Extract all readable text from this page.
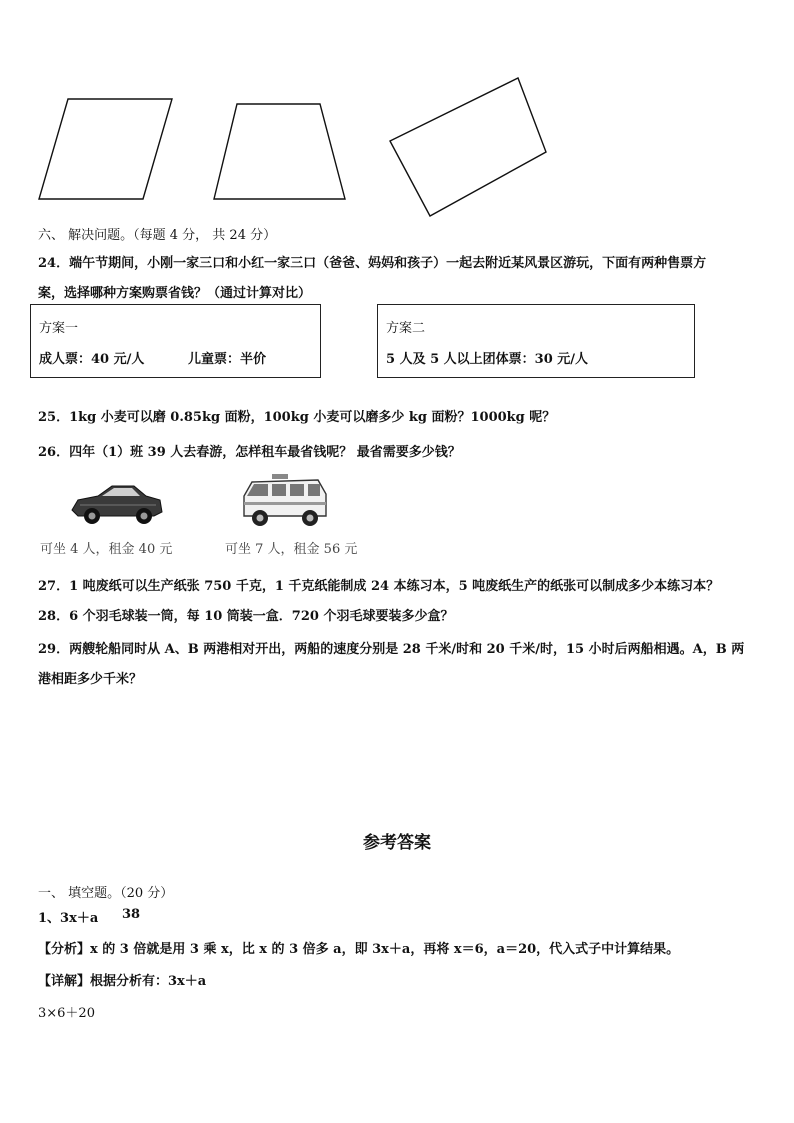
六、 解决问题。（每题 4 分， 共 24 分）
24．端午节期间，小刚一家三口和小红一家三口（爸爸、妈妈和孩子）一起去附近某风景区游玩，下面有两种售票方
案，选择哪种方案购票省钱？（通过计算对比）
方案一
成人票：40 元/人	儿童票：半价
方案二
5 人及 5 人以上团体票：30 元/人
25．1kg 小麦可以磨 0.85kg 面粉，100kg 小麦可以磨多少 kg 面粉？1000kg 呢？
26．四年（1）班 39 人去春游，怎样租车最省钱呢？ 最省需要多少钱？
可坐 4 人，租金 40 元	可坐 7 人，租金 56 元
27．1 吨废纸可以生产纸张 750 千克，1 千克纸能制成 24 本练习本，5 吨废纸生产的纸张可以制成多少本练习本？
28．6 个羽毛球装一筒，每 10 筒装一盒．720 个羽毛球要装多少盒？
29．两艘轮船同时从 A、B 两港相对开出，两船的速度分别是 28 千米/时和 20 千米/时，15 小时后两船相遇。A，B 两
港相距多少千米？
参考答案
一、 填空题。（20 分）
1、3x＋a 38
【分析】x 的 3 倍就是用 3 乘 x，比 x 的 3 倍多 a，即 3x＋a，再将 x＝6，a＝20，代入式子中计算结果。
【详解】根据分析有：3x＋a
3×6＋20
